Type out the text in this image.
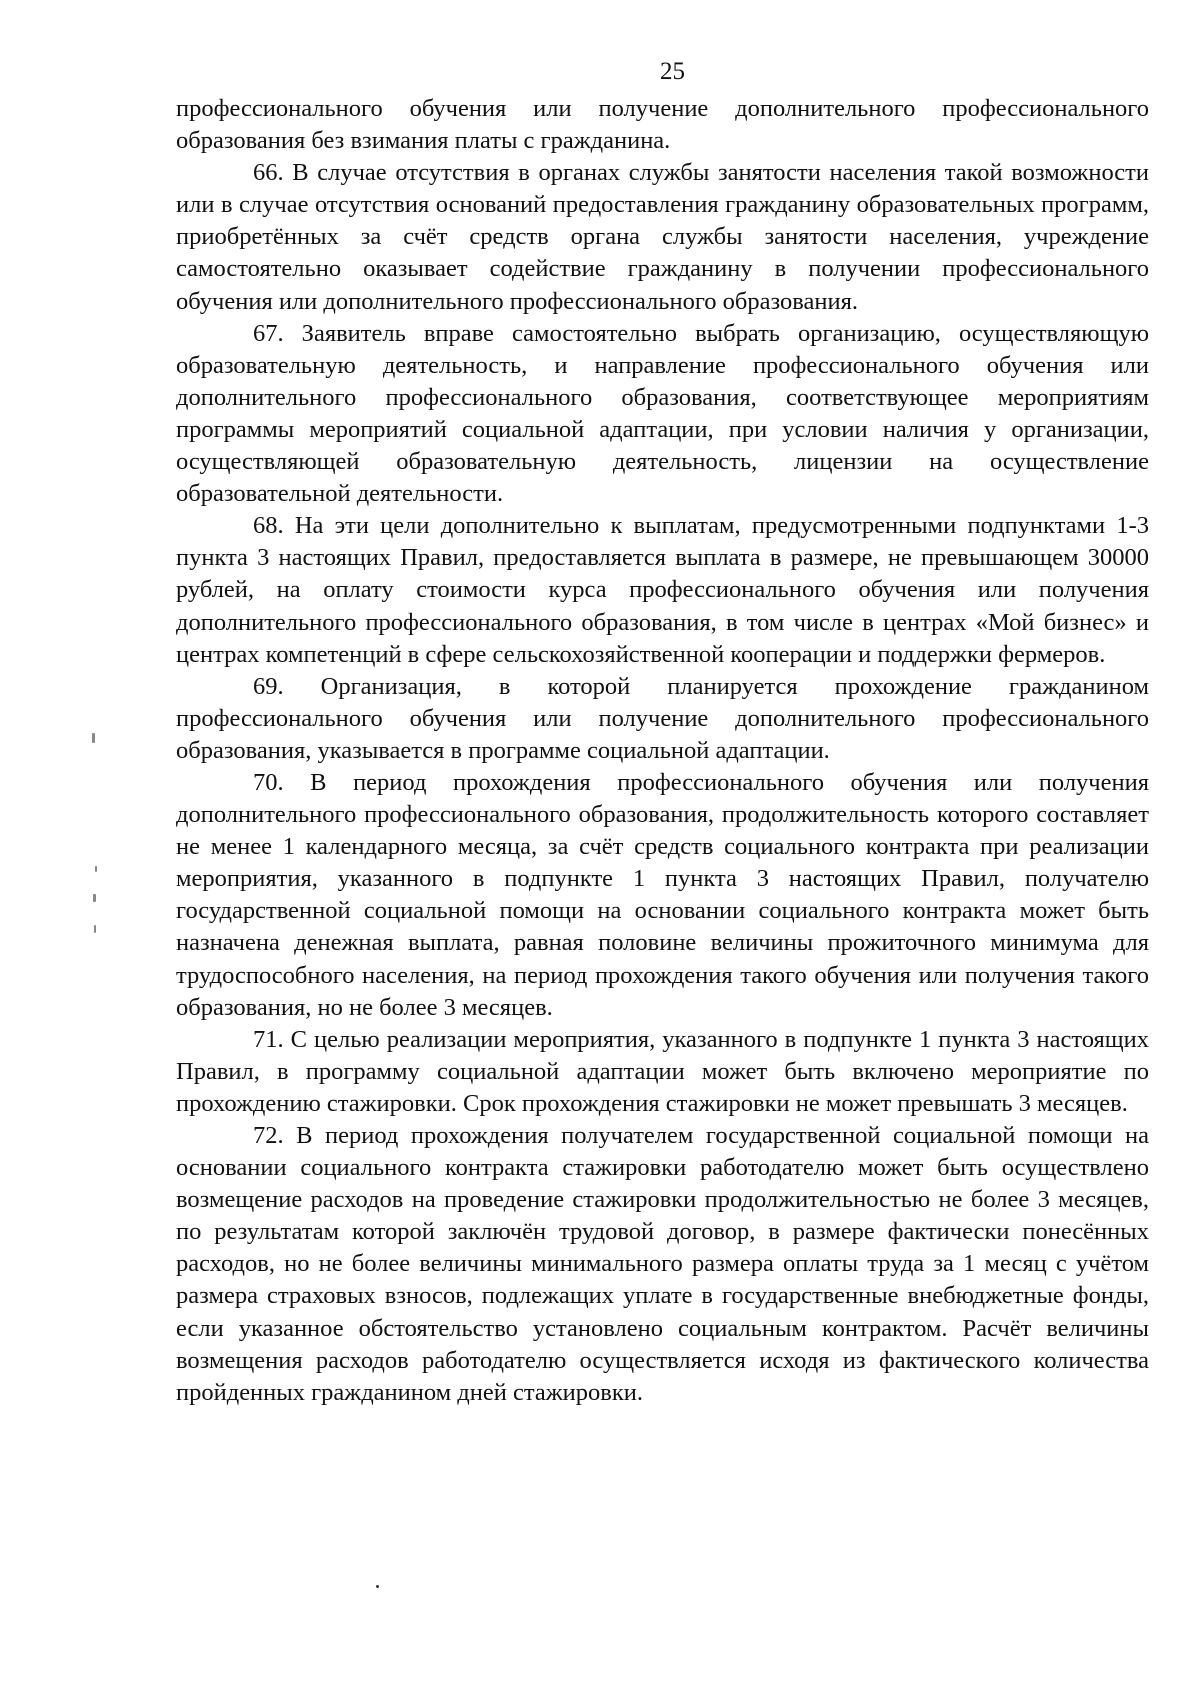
25

профессионального обучения или получение дополнительного профессионального образования без взимания платы с гражданина.

66. В случае отсутствия в органах службы занятости населения такой возможности или в случае отсутствия оснований предоставления гражданину образовательных программ, приобретённых за счёт средств органа службы занятости населения, учреждение самостоятельно оказывает содействие гражданину в получении профессионального обучения или дополнительного профессионального образования.

67. Заявитель вправе самостоятельно выбрать организацию, осуществляющую образовательную деятельность, и направление профессионального обучения или дополнительного профессионального образования, соответствующее мероприятиям программы мероприятий социальной адаптации, при условии наличия у организации, осуществляющей образовательную деятельность, лицензии на осуществление образовательной деятельности.

68. На эти цели дополнительно к выплатам, предусмотренными подпунктами 1-3 пункта 3 настоящих Правил, предоставляется выплата в размере, не превышающем 30000 рублей, на оплату стоимости курса профессионального обучения или получения дополнительного профессионального образования, в том числе в центрах «Мой бизнес» и центрах компетенций в сфере сельскохозяйственной кооперации и поддержки фермеров.

69. Организация, в которой планируется прохождение гражданином профессионального обучения или получение дополнительного профессионального образования, указывается в программе социальной адаптации.

70. В период прохождения профессионального обучения или получения дополнительного профессионального образования, продолжительность которого составляет не менее 1 календарного месяца, за счёт средств социального контракта при реализации мероприятия, указанного в подпункте 1 пункта 3 настоящих Правил, получателю государственной социальной помощи на основании социального контракта может быть назначена денежная выплата, равная половине величины прожиточного минимума для трудоспособного населения, на период прохождения такого обучения или получения такого образования, но не более 3 месяцев.

71. С целью реализации мероприятия, указанного в подпункте 1 пункта 3 настоящих Правил, в программу социальной адаптации может быть включено мероприятие по прохождению стажировки. Срок прохождения стажировки не может превышать 3 месяцев.

72. В период прохождения получателем государственной социальной помощи на основании социального контракта стажировки работодателю может быть осуществлено возмещение расходов на проведение стажировки продолжительностью не более 3 месяцев, по результатам которой заключён трудовой договор, в размере фактически понесённых расходов, но не более величины минимального размера оплаты труда за 1 месяц с учётом размера страховых взносов, подлежащих уплате в государственные внебюджетные фонды, если указанное обстоятельство установлено социальным контрактом. Расчёт величины возмещения расходов работодателю осуществляется исходя из фактического количества пройденных гражданином дней стажировки.
